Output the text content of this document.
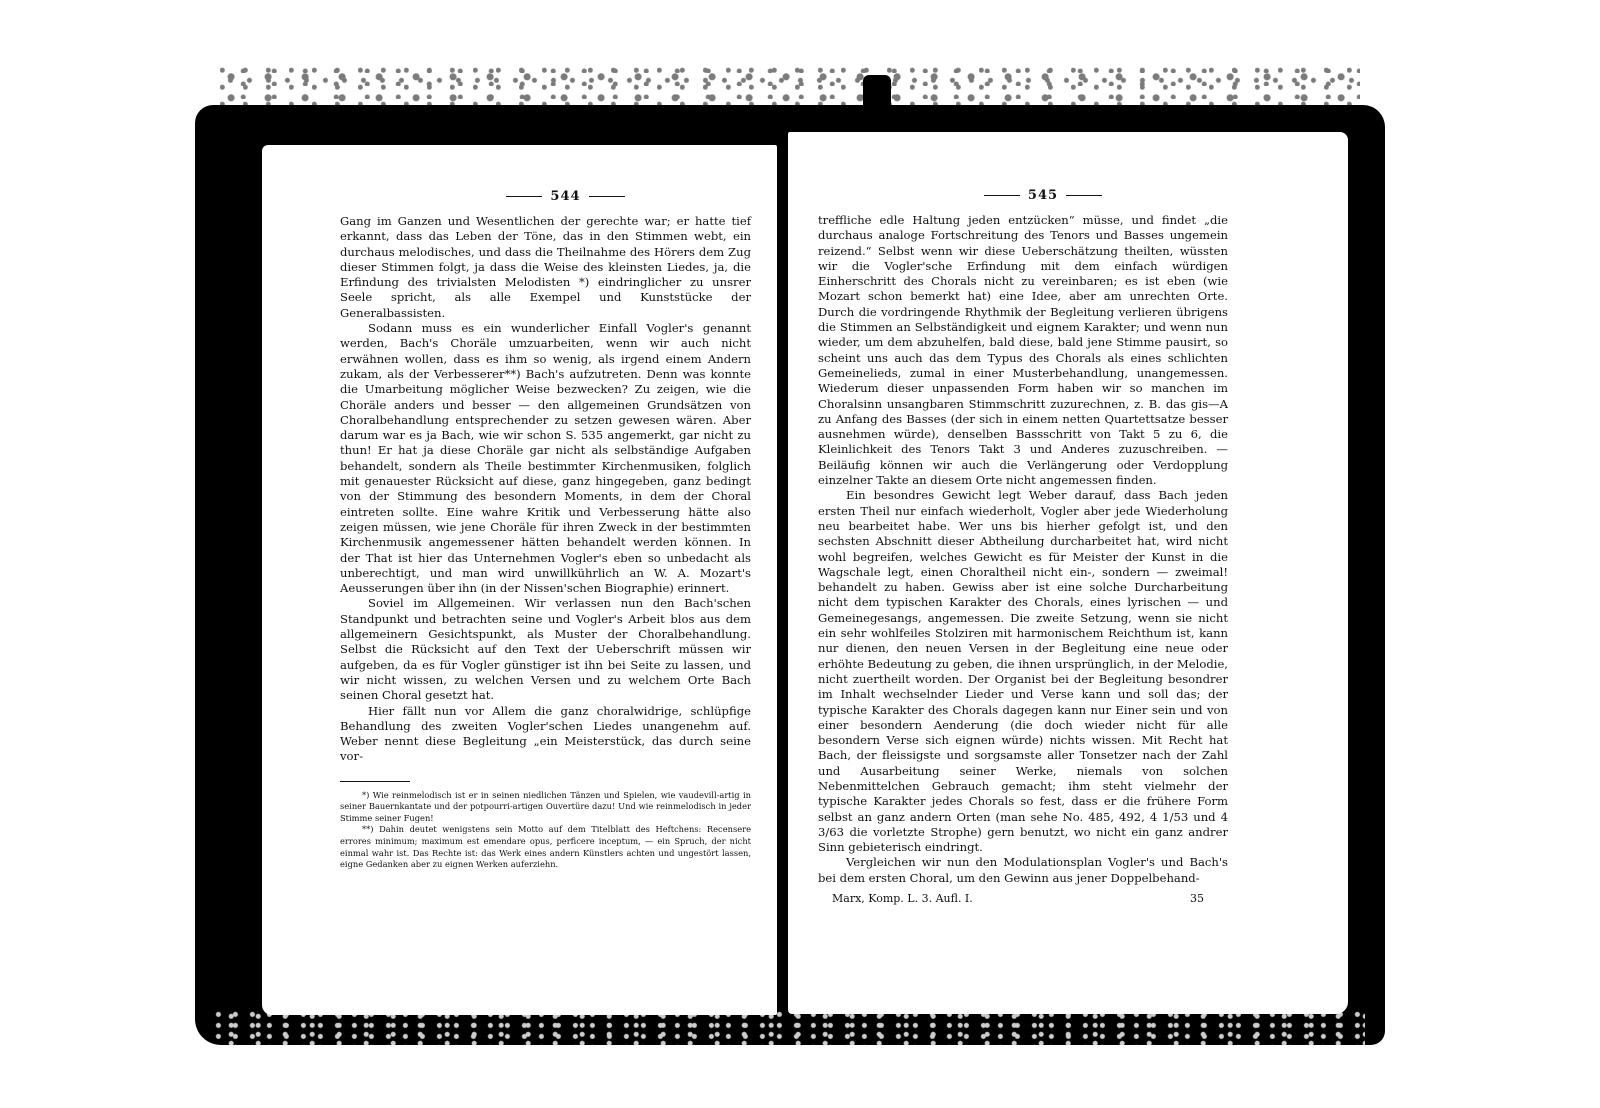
544

Gang im Ganzen und Wesentlichen der gerechte war; er hatte tief erkannt, dass das Leben der Töne, das in den Stimmen webt, ein durchaus melodisches, und dass die Theilnahme des Hörers dem Zug dieser Stimmen folgt, ja dass die Weise des kleinsten Liedes, ja, die Erfindung des trivialsten Melodisten *) eindringlicher zu unsrer Seele spricht, als alle Exempel und Kunststücke der Generalbassisten.

Sodann muss es ein wunderlicher Einfall Vogler's genannt werden, Bach's Choräle umzuarbeiten, wenn wir auch nicht erwähnen wollen, dass es ihm so wenig, als irgend einem Andern zukam, als der Verbesserer**) Bach's aufzutreten. Denn was konnte die Umarbeitung möglicher Weise bezwecken? Zu zeigen, wie die Choräle anders und besser — den allgemeinen Grundsätzen von Choralbehandlung entsprechender zu setzen gewesen wären. Aber darum war es ja Bach, wie wir schon S. 535 angemerkt, gar nicht zu thun! Er hat ja diese Choräle gar nicht als selbständige Aufgaben behandelt, sondern als Theile bestimmter Kirchenmusiken, folglich mit genauester Rücksicht auf diese, ganz hingegeben, ganz bedingt von der Stimmung des besondern Moments, in dem der Choral eintreten sollte. Eine wahre Kritik und Verbesserung hätte also zeigen müssen, wie jene Choräle für ihren Zweck in der bestimmten Kirchenmusik angemessener hätten behandelt werden können. In der That ist hier das Unternehmen Vogler's eben so unbedacht als unberechtigt, und man wird unwillkührlich an W. A. Mozart's Aeusserungen über ihn (in der Nissen'schen Biographie) erinnert.

Soviel im Allgemeinen. Wir verlassen nun den Bach'schen Standpunkt und betrachten seine und Vogler's Arbeit blos aus dem allgemeinern Gesichtspunkt, als Muster der Choralbehandlung. Selbst die Rücksicht auf den Text der Ueberschrift müssen wir aufgeben, da es für Vogler günstiger ist ihn bei Seite zu lassen, und wir nicht wissen, zu welchen Versen und zu welchem Orte Bach seinen Choral gesetzt hat.

Hier fällt nun vor Allem die ganz choralwidrige, schlüpfige Behandlung des zweiten Vogler'schen Liedes unangenehm auf. Weber nennt diese Begleitung „ein Meisterstück, das durch seine vor-

*) Wie reinmelodisch ist er in seinen niedlichen Tänzen und Spielen, wie vaudevill-artig in seiner Bauernkantate und der potpourri-artigen Ouvertüre dazu! Und wie reinmelodisch in jeder Stimme seiner Fugen!

**) Dahin deutet wenigstens sein Motto auf dem Titelblatt des Heftchens: Recensere errores minimum; maximum est emendare opus, perficere inceptum, — ein Spruch, der nicht einmal wahr ist. Das Rechte ist: das Werk eines andern Künstlers achten und ungestört lassen, eigne Gedanken aber zu eignen Werken auferziehn.

545

treffliche edle Haltung jeden entzücken“ müsse, und findet „die durchaus analoge Fortschreitung des Tenors und Basses ungemein reizend.“ Selbst wenn wir diese Ueberschätzung theilten, wüssten wir die Vogler'sche Erfindung mit dem einfach würdigen Einherschritt des Chorals nicht zu vereinbaren; es ist eben (wie Mozart schon bemerkt hat) eine Idee, aber am unrechten Orte. Durch die vordringende Rhythmik der Begleitung verlieren übrigens die Stimmen an Selbständigkeit und eignem Karakter; und wenn nun wieder, um dem abzuhelfen, bald diese, bald jene Stimme pausirt, so scheint uns auch das dem Typus des Chorals als eines schlichten Gemeinelieds, zumal in einer Musterbehandlung, unangemessen. Wiederum dieser unpassenden Form haben wir so manchen im Choralsinn unsangbaren Stimmschritt zuzurechnen, z. B. das gis—A zu Anfang des Basses (der sich in einem netten Quartettsatze besser ausnehmen würde), denselben Bassschritt von Takt 5 zu 6, die Kleinlichkeit des Tenors Takt 3 und Anderes zuzuschreiben. — Beiläufig können wir auch die Verlängerung oder Verdopplung einzelner Takte an diesem Orte nicht angemessen finden.

Ein besondres Gewicht legt Weber darauf, dass Bach jeden ersten Theil nur einfach wiederholt, Vogler aber jede Wiederholung neu bearbeitet habe. Wer uns bis hierher gefolgt ist, und den sechsten Abschnitt dieser Abtheilung durcharbeitet hat, wird nicht wohl begreifen, welches Gewicht es für Meister der Kunst in die Wagschale legt, einen Choraltheil nicht ein-, sondern — zweimal! behandelt zu haben. Gewiss aber ist eine solche Durcharbeitung nicht dem typischen Karakter des Chorals, eines lyrischen — und Gemeinegesangs, angemessen. Die zweite Setzung, wenn sie nicht ein sehr wohlfeiles Stolziren mit harmonischem Reichthum ist, kann nur dienen, den neuen Versen in der Begleitung eine neue oder erhöhte Bedeutung zu geben, die ihnen ursprünglich, in der Melodie, nicht zuertheilt worden. Der Organist bei der Begleitung besondrer im Inhalt wechselnder Lieder und Verse kann und soll das; der typische Karakter des Chorals dagegen kann nur Einer sein und von einer besondern Aenderung (die doch wieder nicht für alle besondern Verse sich eignen würde) nichts wissen. Mit Recht hat Bach, der fleissigste und sorgsamste aller Tonsetzer nach der Zahl und Ausarbeitung seiner Werke, niemals von solchen Nebenmittelchen Gebrauch gemacht; ihm steht vielmehr der typische Karakter jedes Chorals so fest, dass er die frühere Form selbst an ganz andern Orten (man sehe No. 485, 492, 4 1/53 und 4 3/63 die vorletzte Strophe) gern benutzt, wo nicht ein ganz andrer Sinn gebieterisch eindringt.

Vergleichen wir nun den Modulationsplan Vogler's und Bach's bei dem ersten Choral, um den Gewinn aus jener Doppelbehand-

Marx, Komp. L. 3. Aufl. I.	35
